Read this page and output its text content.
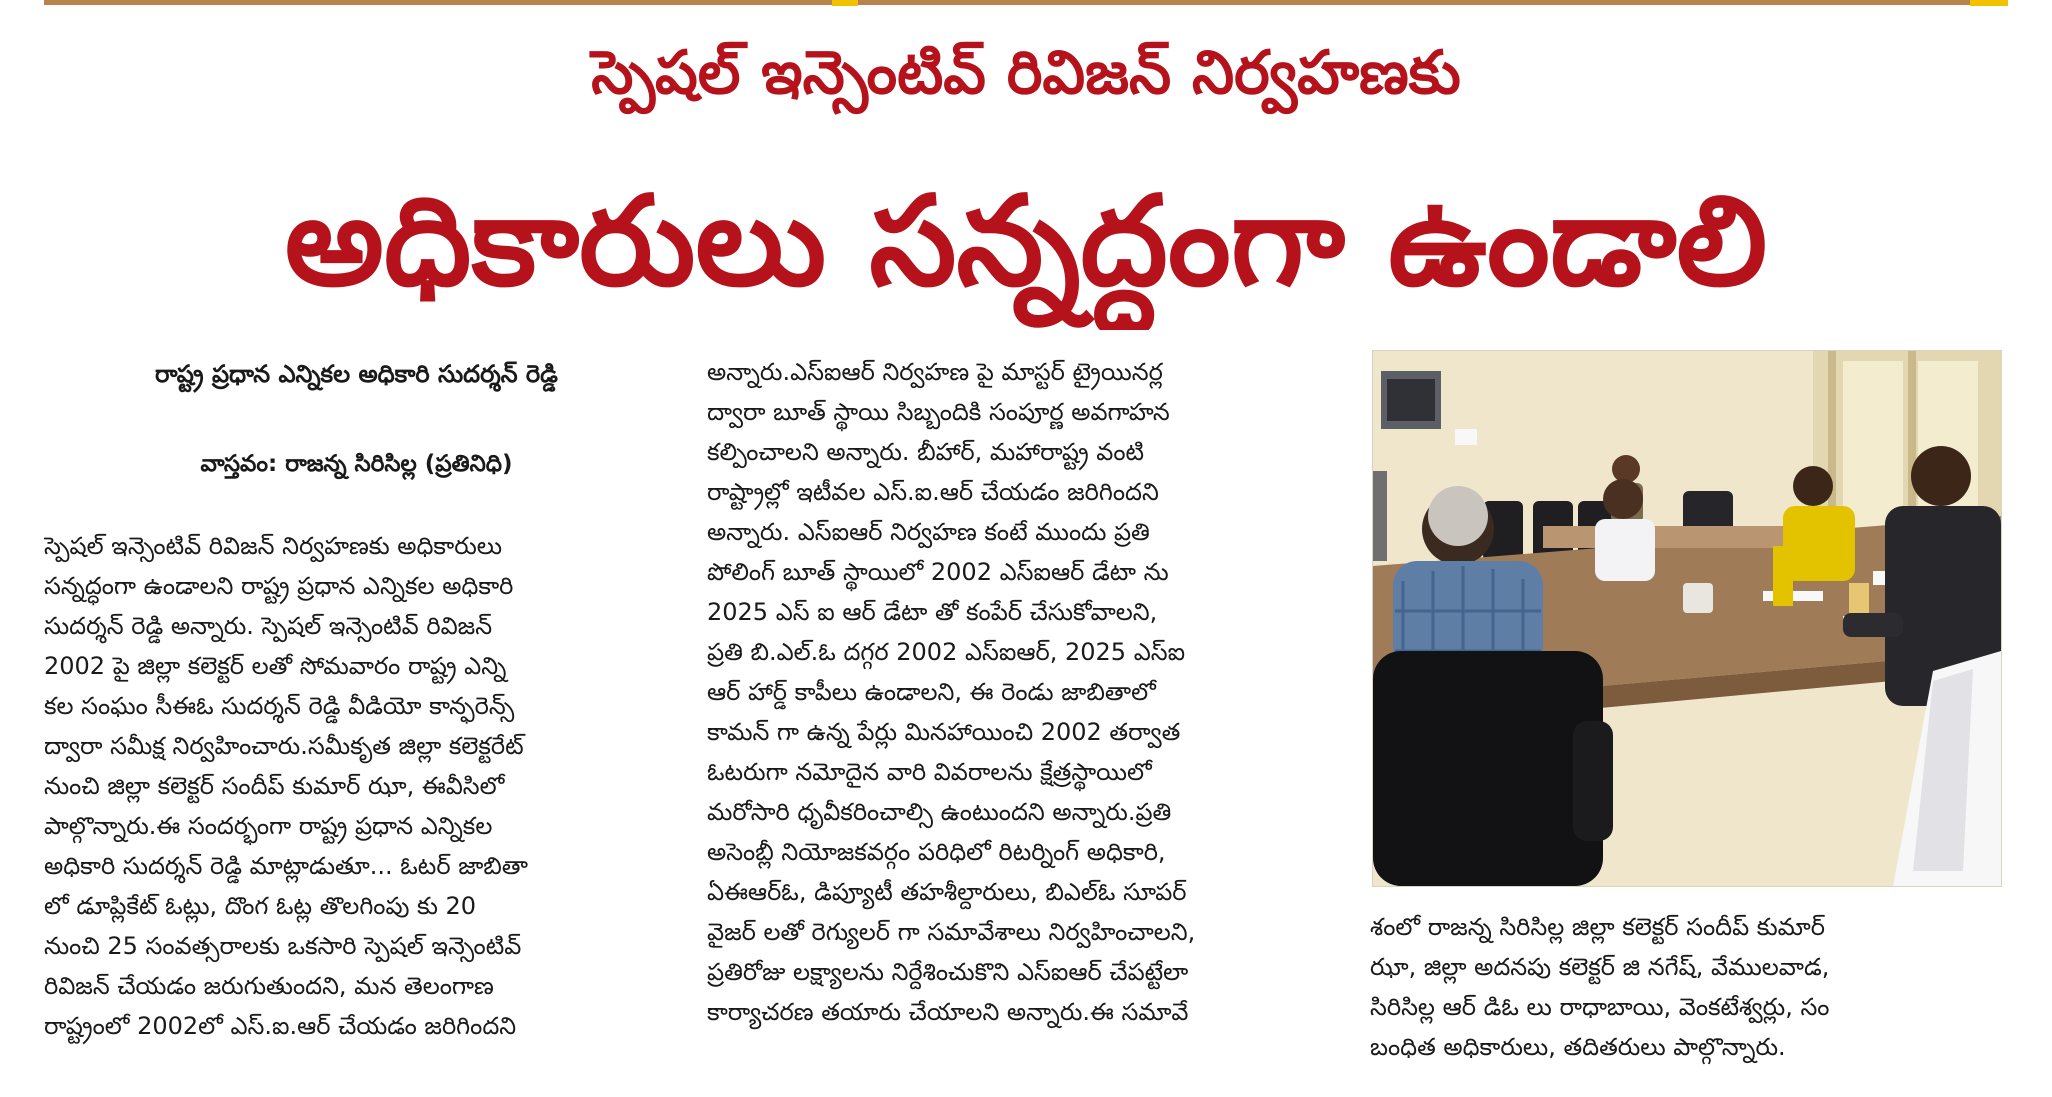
స్పెషల్ ఇన్సెంటివ్ రివిజన్ నిర్వహణకు
అధికారులు సన్నద్ధంగా ఉండాలి
రాష్ట్ర ప్రధాన ఎన్నికల అధికారి సుదర్శన్ రెడ్డి
వాస్తవం: రాజన్న సిరిసిల్ల (ప్రతినిధి)
స్పెషల్ ఇన్సెంటివ్ రివిజన్ నిర్వహణకు అధికారులు
సన్నద్ధంగా ఉండాలని రాష్ట్ర ప్రధాన ఎన్నికల అధికారి
సుదర్శన్ రెడ్డి అన్నారు. స్పెషల్ ఇన్సెంటివ్ రివిజన్
2002 పై జిల్లా కలెక్టర్ లతో సోమవారం రాష్ట్ర ఎన్ని
కల సంఘం సీఈఓ సుదర్శన్ రెడ్డి వీడియో కాన్ఫరెన్స్
ద్వారా సమీక్ష నిర్వహించారు.సమీకృత జిల్లా కలెక్టరేట్
నుంచి జిల్లా కలెక్టర్ సందీప్ కుమార్ ఝా, ఈవీసిలో
పాల్గొన్నారు.ఈ సందర్భంగా రాష్ట్ర ప్రధాన ఎన్నికల
అధికారి సుదర్శన్ రెడ్డి మాట్లాడుతూ... ఓటర్ జాబితా
లో డూప్లికేట్ ఓట్లు, దొంగ ఓట్ల తొలగింపు కు 20
నుంచి 25 సంవత్సరాలకు ఒకసారి స్పెషల్ ఇన్సెంటివ్
రివిజన్ చేయడం జరుగుతుందని, మన తెలంగాణ
రాష్ట్రంలో 2002లో ఎస్.ఐ.ఆర్ చేయడం జరిగిందని
అన్నారు.ఎస్ఐఆర్ నిర్వహణ పై మాస్టర్ ట్రైయినర్ల
ద్వారా బూత్ స్థాయి సిబ్బందికి సంపూర్ణ అవగాహన
కల్పించాలని అన్నారు. బీహార్, మహారాష్ట్ర వంటి
రాష్ట్రాల్లో ఇటీవల ఎస్.ఐ.ఆర్ చేయడం జరిగిందని
అన్నారు. ఎస్ఐఆర్ నిర్వహణ కంటే ముందు ప్రతి
పోలింగ్ బూత్ స్థాయిలో 2002 ఎస్ఐఆర్ డేటా ను
2025 ఎస్ ఐ ఆర్ డేటా తో కంపేర్ చేసుకోవాలని,
ప్రతి బి.ఎల్.ఓ దగ్గర 2002 ఎస్ఐఆర్, 2025 ఎస్ఐ
ఆర్ హార్డ్ కాపీలు ఉండాలని, ఈ రెండు జాబితాలో
కామన్ గా ఉన్న పేర్లు మినహాయించి 2002 తర్వాత
ఓటరుగా నమోదైన వారి వివరాలను క్షేత్రస్థాయిలో
మరోసారి ధృవీకరించాల్సి ఉంటుందని అన్నారు.ప్రతి
అసెంబ్లీ నియోజకవర్గం పరిధిలో రిటర్నింగ్ అధికారి,
ఏఈఆర్ఓ, డిప్యూటీ తహశీల్దారులు, బిఎల్ఓ సూపర్
వైజర్ లతో రెగ్యులర్ గా సమావేశాలు నిర్వహించాలని,
ప్రతిరోజు లక్ష్యాలను నిర్దేశించుకొని ఎస్ఐఆర్ చేపట్టేలా
కార్యాచరణ తయారు చేయాలని అన్నారు.ఈ సమావే
శంలో రాజన్న సిరిసిల్ల జిల్లా కలెక్టర్ సందీప్ కుమార్
ఝా, జిల్లా అదనపు కలెక్టర్ జి నగేష్, వేములవాడ,
సిరిసిల్ల ఆర్ డిఓ లు రాధాబాయి, వెంకటేశ్వర్లు, సం
బంధిత అధికారులు, తదితరులు పాల్గొన్నారు.
